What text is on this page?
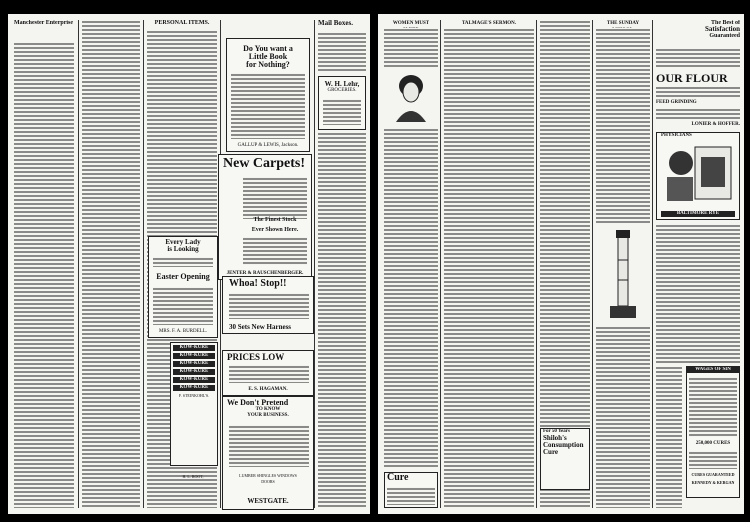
Manchester Enterprise	PERSONAL ITEMS.
Do You want a
Little Book
for Nothing?
GALLUP & LEWIS, Jackson.
New Carpets!
The Finest Stock
Ever Shown Here.
JENTER & RAUSCHENBERGER.
Every Lady
is Looking
Easter Opening
MRS. F. A. BURDELL.
KOW-KURE
KOW-KURE
KOW-KURE
KOW-KURE
KOW-KURE
KOW-KURE
F. STEINKOHL'S.
H. L. ROOT,
Whoa! Stop!!
30 Sets New Harness
PRICES LOW
E. S. HAGAMAN.
We Don't Pretend
TO KNOW
YOUR BUSINESS.
LUMBER SHINGLES WINDOWS DOORS
WESTGATE.
Mail Boxes.
W. H. Lehr,
GROCERIES.
WOMEN MUST
Cure
TALMAGE'S SERMON.
For 50 Years
Shiloh's
Consumption
Cure
THE SUNDAY	The Best of
Satisfaction
Guaranteed
OUR FLOUR
FEED GRINDING
LONIER & HOFFER.
PHYSICIANS
BALTIMORE RYE
WAGES OF SIN
250,000 CURES
CURES GUARANTEED
KENNEDY & KERGAN
